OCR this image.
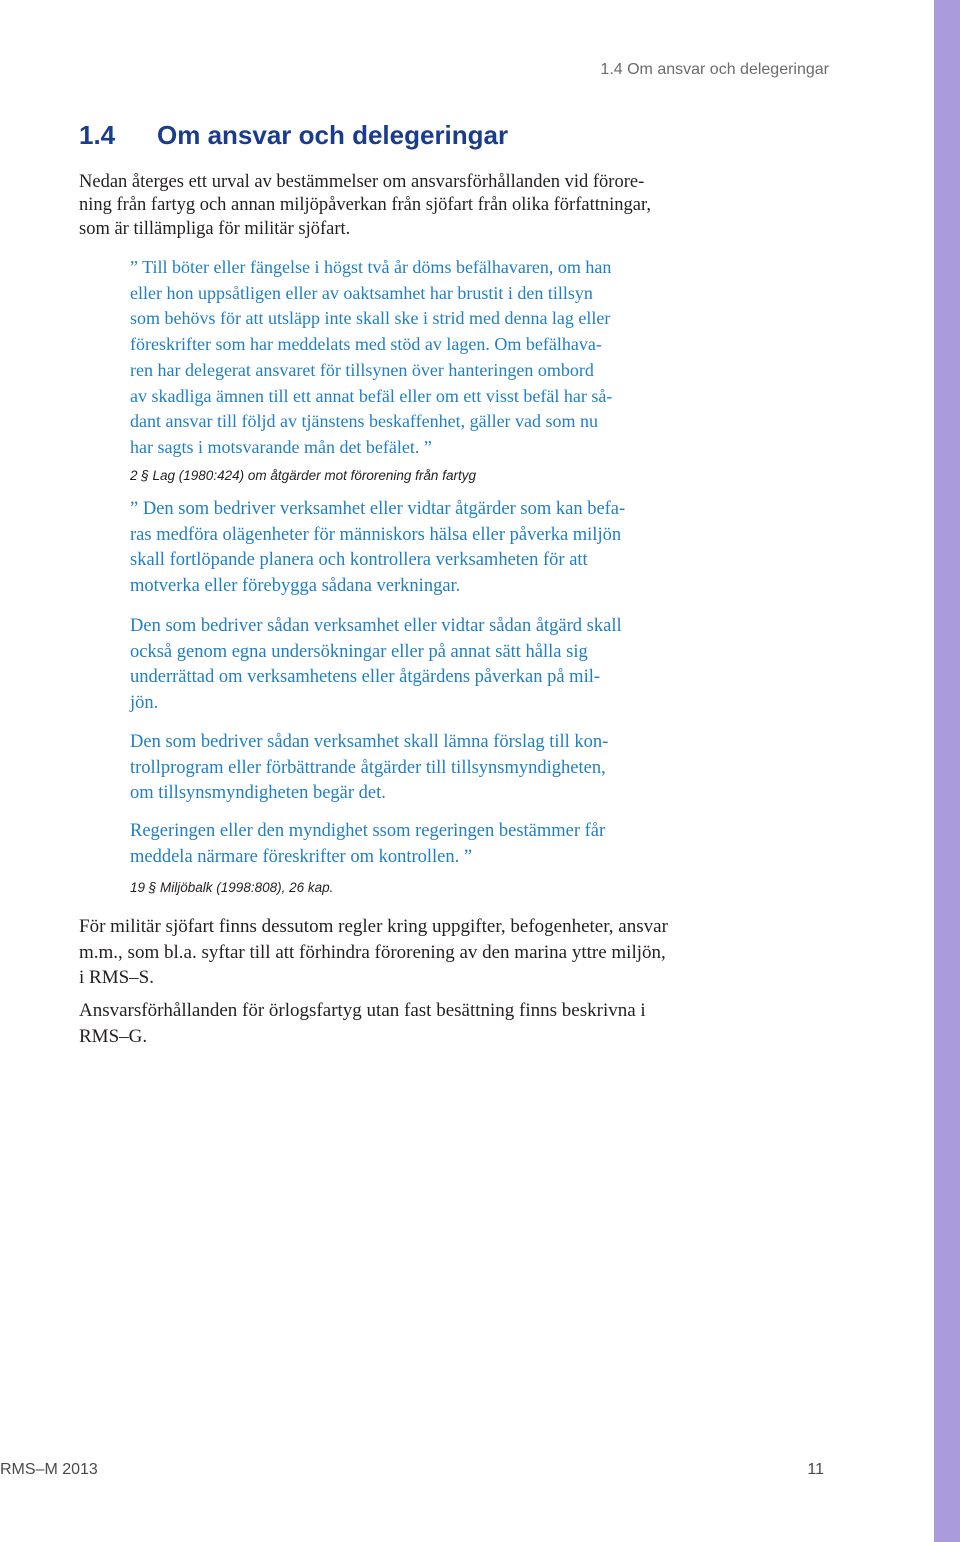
1.4 Om ansvar och delegeringar
1.4 Om ansvar och delegeringar

Nedan återges ett urval av bestämmelser om ansvarsförhållanden vid förore-
ning från fartyg och annan miljöpåverkan från sjöfart från olika författningar,
som är tillämpliga för militär sjöfart.

” Till böter eller fängelse i högst två år döms befälhavaren, om han
eller hon uppsåtligen eller av oaktsamhet har brustit i den tillsyn
som behövs för att utsläpp inte skall ske i strid med denna lag eller
föreskrifter som har meddelats med stöd av lagen. Om befälhava-
ren har delegerat ansvaret för tillsynen över hanteringen ombord
av skadliga ämnen till ett annat befäl eller om ett visst befäl har så-
dant ansvar till följd av tjänstens beskaffenhet, gäller vad som nu
har sagts i motsvarande mån det befälet. ”

2 § Lag (1980:424) om åtgärder mot förorening från fartyg

” Den som bedriver verksamhet eller vidtar åtgärder som kan befa-
ras medföra olägenheter för människors hälsa eller påverka miljön
skall fortlöpande planera och kontrollera verksamheten för att
motverka eller förebygga sådana verkningar.

Den som bedriver sådan verksamhet eller vidtar sådan åtgärd skall
också genom egna undersökningar eller på annat sätt hålla sig
underrättad om verksamhetens eller åtgärdens påverkan på mil-
jön.

Den som bedriver sådan verksamhet skall lämna förslag till kon-
trollprogram eller förbättrande åtgärder till tillsynsmyndigheten,
om tillsynsmyndigheten begär det.

Regeringen eller den myndighet ssom regeringen bestämmer får
meddela närmare föreskrifter om kontrollen. ”

19 § Miljöbalk (1998:808), 26 kap.

För militär sjöfart finns dessutom regler kring uppgifter, befogenheter, ansvar
m.m., som bl.a. syftar till att förhindra förorening av den marina yttre miljön,
i RMS–S.

Ansvarsförhållanden för örlogsfartyg utan fast besättning finns beskrivna i
RMS–G.

RMS–M 2013	11
